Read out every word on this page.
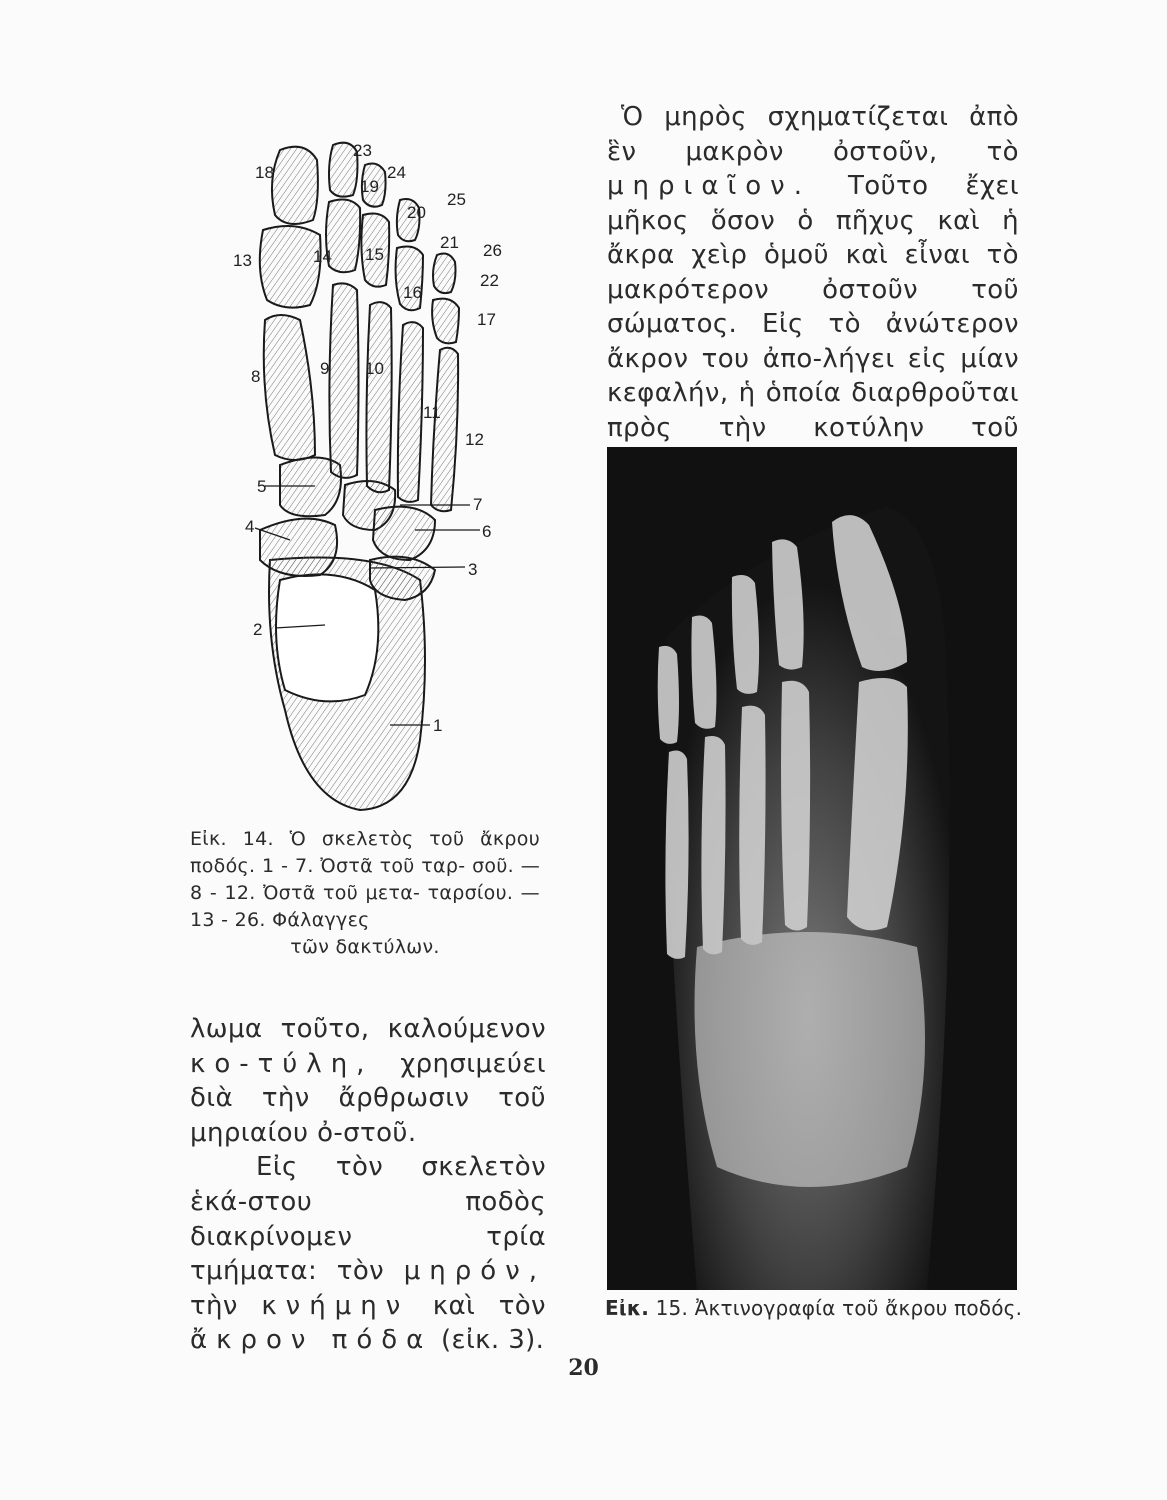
1
2
3
4
5
6
7
8	9 10
11
12
13	14 15
16
17
18
19
20
21
22
23
24
25
26
Εἰκ. 14. Ὁ σκελετὸς τοῦ ἄκρου ποδός. 1 - 7. Ὀστᾶ τοῦ ταρ- σοῦ. — 8 - 12. Ὀστᾶ τοῦ μετα- ταρσίου. — 13 - 26. Φάλαγγες
τῶν δακτύλων.

λωμα τοῦτο, καλούμενον κο-τύλη, χρησιμεύει διὰ τὴν ἄρθρωσιν τοῦ μηριαίου ὀ-στοῦ.

Εἰς τὸν σκελετὸν ἑκά-στου ποδὸς διακρίνομεν τρία τμήματα: τὸν μηρόν, τὴν κνήμην καὶ τὸν ἄκρον πόδα (εἰκ. 3).

Ὁ μηρὸς σχηματίζεται ἀπὸ ἓν μακρὸν ὀστοῦν, τὸ μηριαῖον. Τοῦτο ἔχει μῆκος ὅσον ὁ πῆχυς καὶ ἡ ἄκρα χεὶρ ὁμοῦ καὶ εἶναι τὸ μακρότερον ὀστοῦν τοῦ σώματος. Εἰς τὸ ἀνώτερον ἄκρον του ἀπο-λήγει εἰς μίαν κεφαλήν, ἡ ὁποία διαρθροῦται πρὸς τὴν κοτύλην τοῦ
Εἰκ. 15. Ἀκτινογραφία τοῦ ἄκρου ποδός.
20
